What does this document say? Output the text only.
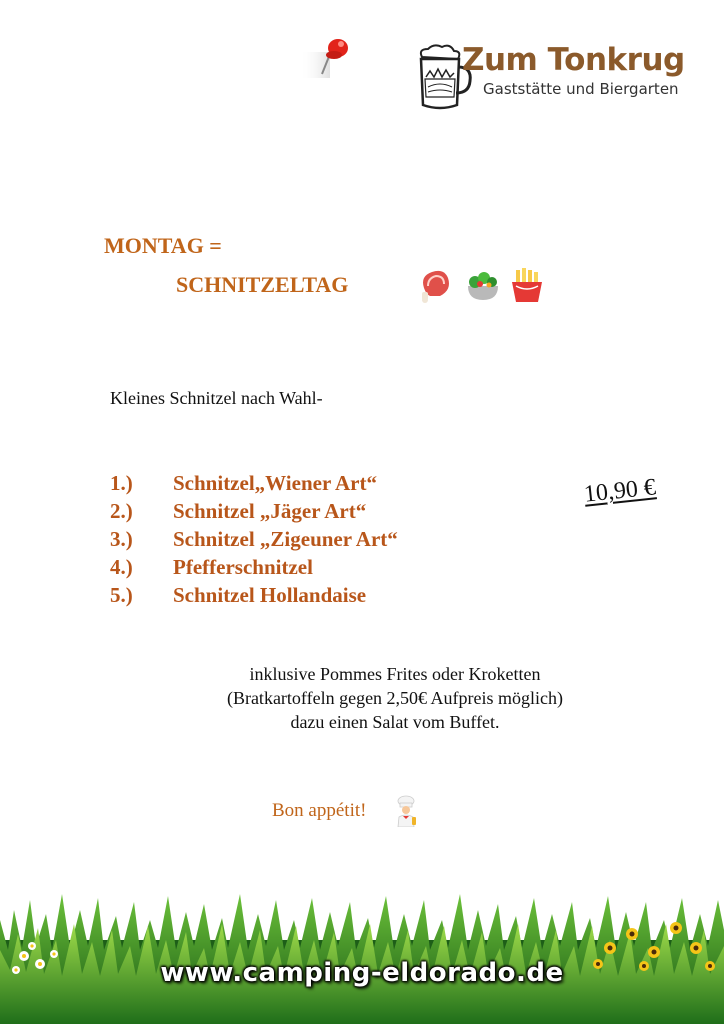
Zum Tonkrug
Gaststätte und Biergarten
MONTAG =
SCHNITZELTAG
Kleines Schnitzel nach Wahl-
1.) Schnitzel„Wiener Art“
2.) Schnitzel „Jäger Art“
3.) Schnitzel „Zigeuner Art“
4.) Pfefferschnitzel
5.) Schnitzel Hollandaise
10,90 €
inklusive Pommes Frites oder Kroketten
(Bratkartoffeln gegen 2,50€ Aufpreis möglich)
dazu einen Salat vom Buffet.
Bon appétit!
www.camping-eldorado.de
